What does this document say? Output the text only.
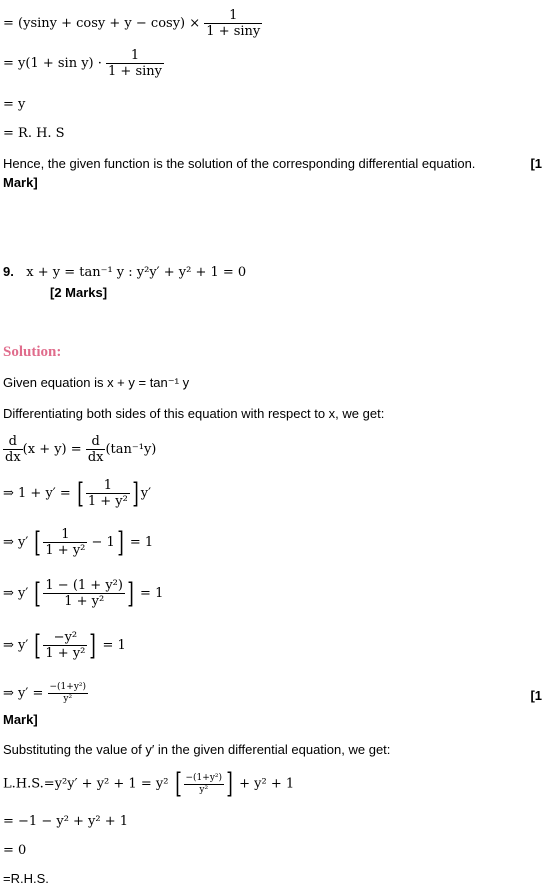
= $(ysiny + \cos y + y - \cos y) \times \frac{1}{1 + \sin y}$
= $y(1 + \sin y) \cdot \frac{1}{1 + \sin y}$
= y
= R. H. S
Hence, the given function is the solution of the corresponding differential equation.	[1
Mark]
9. x + y = tan⁻¹ y : y²y′ + y² + 1 = 0
[2 Marks]
Solution:
Given equation is x + y = tan⁻¹ y
Differentiating both sides of this equation with respect to x, we get:
$\frac{d}{dx} (x + y) = \frac{d}{dx} (\tan^{-1}y)$
⇒ 1 + y′ = [ $\frac{1}{\text{1 + y²}}$ ] y′
⇒ y′ [ $\frac{1}{\text{1 + y²}} - 1] = 1$
⇒ y′ [ $\frac{\text{1 − (1 + y²)}}{\text{1 + y²}}$ ] = 1
⇒ y′ [ $\frac{\text{−y²}}{\text{1 + y²}}$ ] = 1
⇒ $y' = \frac{\text{−(1+y²)}}{\text{y²}}$	[1
Mark]
Substituting the value of y′ in the given differential equation, we get:
L.H.S.=y²y′ + y² + 1 = y² [ $\frac{\text{−(1+y²)}}{\text{y²}}$ ] + y² + 1
= −1 − y² + y² + 1
= 0
=R.H.S.
